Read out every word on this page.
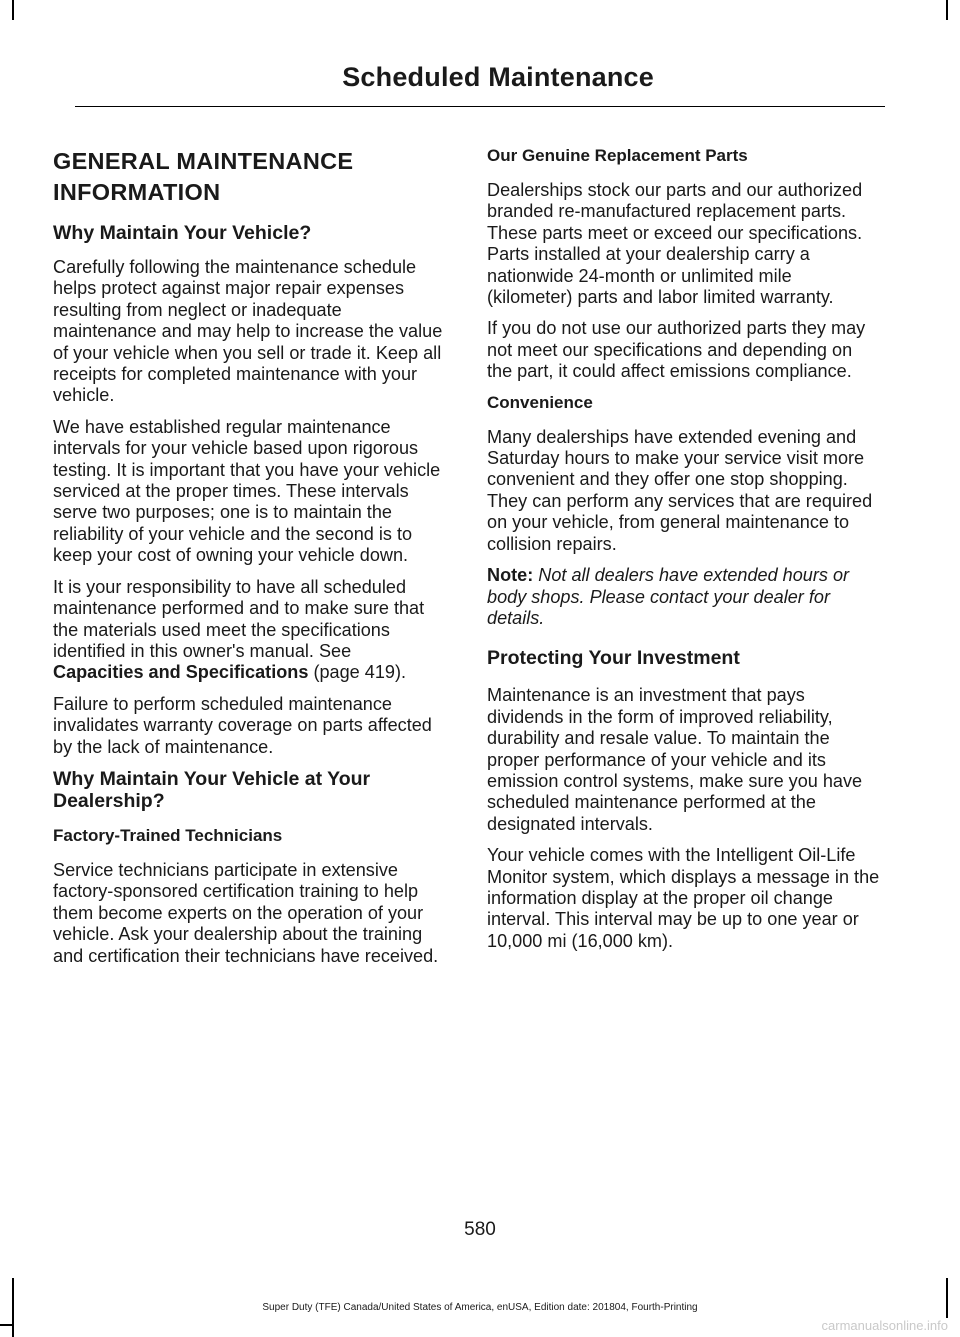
Scheduled Maintenance
GENERAL MAINTENANCE INFORMATION
Why Maintain Your Vehicle?

Carefully following the maintenance schedule helps protect against major repair expenses resulting from neglect or inadequate maintenance and may help to increase the value of your vehicle when you sell or trade it. Keep all receipts for completed maintenance with your vehicle.

We have established regular maintenance intervals for your vehicle based upon rigorous testing. It is important that you have your vehicle serviced at the proper times. These intervals serve two purposes; one is to maintain the reliability of your vehicle and the second is to keep your cost of owning your vehicle down.

It is your responsibility to have all scheduled maintenance performed and to make sure that the materials used meet the specifications identified in this owner's manual. See Capacities and Specifications (page 419).

Failure to perform scheduled maintenance invalidates warranty coverage on parts affected by the lack of maintenance.

Why Maintain Your Vehicle at Your Dealership?
Factory-Trained Technicians

Service technicians participate in extensive factory-sponsored certification training to help them become experts on the operation of your vehicle. Ask your dealership about the training and certification their technicians have received.

Our Genuine Replacement Parts

Dealerships stock our parts and our authorized branded re-manufactured replacement parts. These parts meet or exceed our specifications. Parts installed at your dealership carry a nationwide 24-month or unlimited mile (kilometer) parts and labor limited warranty.

If you do not use our authorized parts they may not meet our specifications and depending on the part, it could affect emissions compliance.

Convenience

Many dealerships have extended evening and Saturday hours to make your service visit more convenient and they offer one stop shopping. They can perform any services that are required on your vehicle, from general maintenance to collision repairs.

Note: Not all dealers have extended hours or body shops. Please contact your dealer for details.

Protecting Your Investment

Maintenance is an investment that pays dividends in the form of improved reliability, durability and resale value. To maintain the proper performance of your vehicle and its emission control systems, make sure you have scheduled maintenance performed at the designated intervals.

Your vehicle comes with the Intelligent Oil-Life Monitor system, which displays a message in the information display at the proper oil change interval. This interval may be up to one year or 10,000 mi (16,000 km).

580
Super Duty (TFE) Canada/United States of America, enUSA, Edition date: 201804, Fourth-Printing
carmanualsonline.info
